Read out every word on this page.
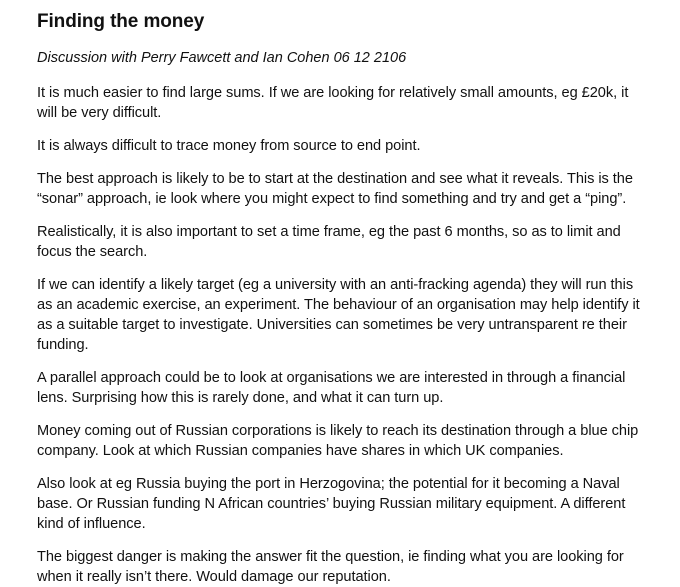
Finding the money

Discussion with Perry Fawcett and Ian Cohen 06 12 2106

It is much easier to find large sums. If we are looking for relatively small amounts, eg £20k, it will be very difficult.

It is always difficult to trace money from source to end point.

The best approach is likely to be to start at the destination and see what it reveals. This is the “sonar” approach, ie look where you might expect to find something and try and get a “ping”.

Realistically, it is also important to set a time frame, eg the past 6 months, so as to limit and focus the search.

If we can identify a likely target (eg a university with an anti-fracking agenda) they will run this as an academic exercise, an experiment. The behaviour of an organisation may help identify it as a suitable target to investigate. Universities can sometimes be very untransparent re their funding.

A parallel approach could be to look at organisations we are interested in through a financial lens. Surprising how this is rarely done, and what it can turn up.

Money coming out of Russian corporations is likely to reach its destination through a blue chip company. Look at which Russian companies have shares in which UK companies.

Also look at eg Russia buying the port in Herzogovina; the potential for it becoming a Naval base. Or Russian funding N African countries’ buying Russian military equipment. A different kind of influence.

The biggest danger is making the answer fit the question, ie finding what you are looking for when it really isn’t there. Would damage our reputation.
